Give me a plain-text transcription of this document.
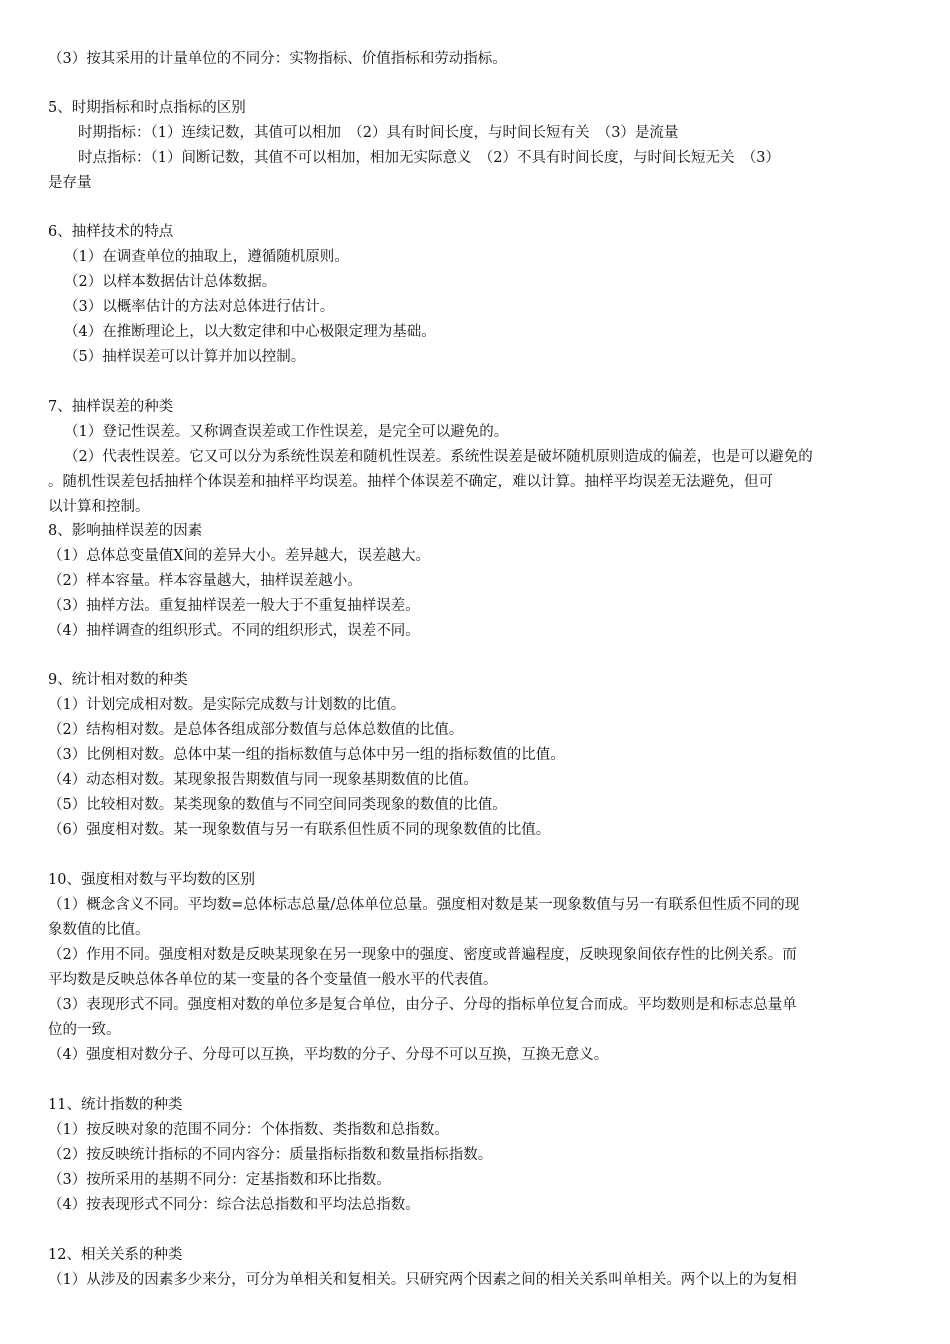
（3）按其采用的计量单位的不同分：实物指标、价值指标和劳动指标。
5、时期指标和时点指标的区别
时期指标：（1）连续记数，其值可以相加　（2）具有时间长度，与时间长短有关　（3）是流量
时点指标：（1）间断记数，其值不可以相加，相加无实际意义　（2）不具有时间长度，与时间长短无关　（3）
是存量
6、抽样技术的特点
（1）在调查单位的抽取上，遵循随机原则。
（2）以样本数据估计总体数据。
（3）以概率估计的方法对总体进行估计。
（4）在推断理论上，以大数定律和中心极限定理为基础。
（5）抽样误差可以计算并加以控制。
7、抽样误差的种类
（1）登记性误差。又称调查误差或工作性误差，是完全可以避免的。
（2）代表性误差。它又可以分为系统性误差和随机性误差。系统性误差是破坏随机原则造成的偏差，也是可以避免的
。随机性误差包括抽样个体误差和抽样平均误差。抽样个体误差不确定，难以计算。抽样平均误差无法避免，但可
以计算和控制。
8、影响抽样误差的因素
（1）总体总变量值X间的差异大小。差异越大，误差越大。
（2）样本容量。样本容量越大，抽样误差越小。
（3）抽样方法。重复抽样误差一般大于不重复抽样误差。
（4）抽样调查的组织形式。不同的组织形式，误差不同。
9、统计相对数的种类
（1）计划完成相对数。是实际完成数与计划数的比值。
（2）结构相对数。是总体各组成部分数值与总体总数值的比值。
（3）比例相对数。总体中某一组的指标数值与总体中另一组的指标数值的比值。
（4）动态相对数。某现象报告期数值与同一现象基期数值的比值。
（5）比较相对数。某类现象的数值与不同空间同类现象的数值的比值。
（6）强度相对数。某一现象数值与另一有联系但性质不同的现象数值的比值。
10、强度相对数与平均数的区别
（1）概念含义不同。平均数=总体标志总量/总体单位总量。强度相对数是某一现象数值与另一有联系但性质不同的现
象数值的比值。
（2）作用不同。强度相对数是反映某现象在另一现象中的强度、密度或普遍程度，反映现象间依存性的比例关系。而
平均数是反映总体各单位的某一变量的各个变量值一般水平的代表值。
（3）表现形式不同。强度相对数的单位多是复合单位，由分子、分母的指标单位复合而成。平均数则是和标志总量单
位的一致。
（4）强度相对数分子、分母可以互换，平均数的分子、分母不可以互换，互换无意义。
11、统计指数的种类
（1）按反映对象的范围不同分：个体指数、类指数和总指数。
（2）按反映统计指标的不同内容分：质量指标指数和数量指标指数。
（3）按所采用的基期不同分：定基指数和环比指数。
（4）按表现形式不同分：综合法总指数和平均法总指数。
12、相关关系的种类
（1）从涉及的因素多少来分，可分为单相关和复相关。只研究两个因素之间的相关关系叫单相关。两个以上的为复相
